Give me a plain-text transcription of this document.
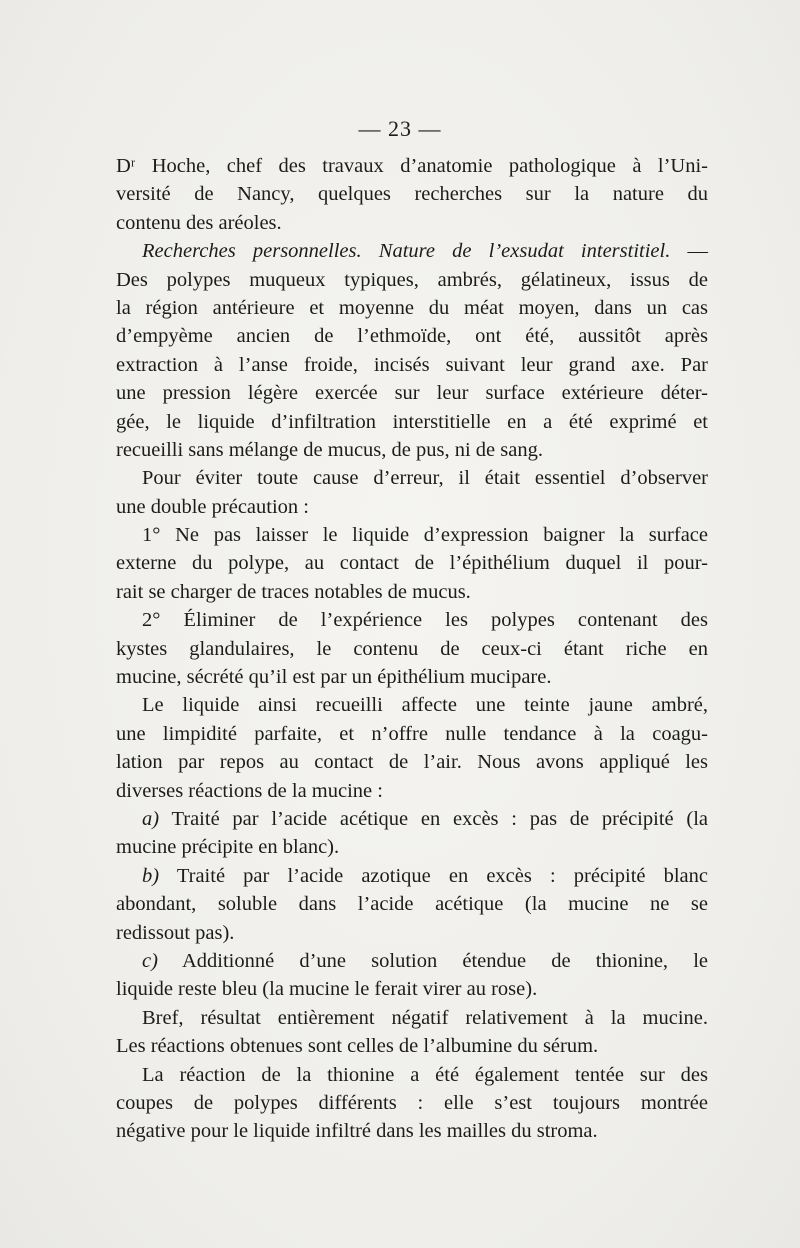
— 23 —
Dʳ Hoche, chef des travaux d’anatomie pathologique à l’Uni-
versité de Nancy, quelques recherches sur la nature du
contenu des aréoles.
Recherches personnelles. Nature de l’exsudat interstitiel. —
Des polypes muqueux typiques, ambrés, gélatineux, issus de
la région antérieure et moyenne du méat moyen, dans un cas
d’empyème ancien de l’ethmoïde, ont été, aussitôt après
extraction à l’anse froide, incisés suivant leur grand axe. Par
une pression légère exercée sur leur surface extérieure déter-
gée, le liquide d’infiltration interstitielle en a été exprimé et
recueilli sans mélange de mucus, de pus, ni de sang.
Pour éviter toute cause d’erreur, il était essentiel d’observer
une double précaution :
1° Ne pas laisser le liquide d’expression baigner la surface
externe du polype, au contact de l’épithélium duquel il pour-
rait se charger de traces notables de mucus.
2° Éliminer de l’expérience les polypes contenant des
kystes glandulaires, le contenu de ceux-ci étant riche en
mucine, sécrété qu’il est par un épithélium mucipare.
Le liquide ainsi recueilli affecte une teinte jaune ambré,
une limpidité parfaite, et n’offre nulle tendance à la coagu-
lation par repos au contact de l’air. Nous avons appliqué les
diverses réactions de la mucine :
a) Traité par l’acide acétique en excès : pas de précipité (la
mucine précipite en blanc).
b) Traité par l’acide azotique en excès : précipité blanc
abondant, soluble dans l’acide acétique (la mucine ne se
redissout pas).
c) Additionné d’une solution étendue de thionine, le
liquide reste bleu (la mucine le ferait virer au rose).
Bref, résultat entièrement négatif relativement à la mucine.
Les réactions obtenues sont celles de l’albumine du sérum.
La réaction de la thionine a été également tentée sur des
coupes de polypes différents : elle s’est toujours montrée
négative pour le liquide infiltré dans les mailles du stroma.
